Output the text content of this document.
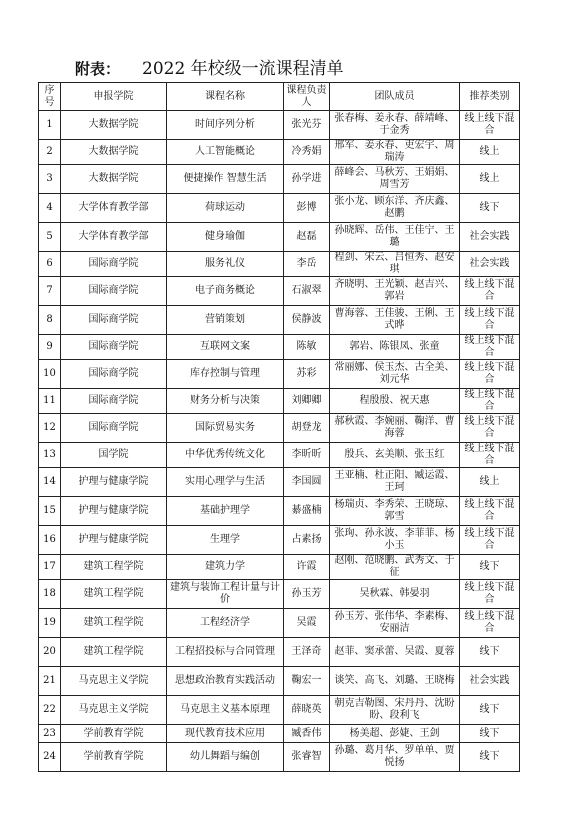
附表： 2022 年校级一流课程清单
序号	申报学院	课程名称	课程负责人	团队成员	推荐类别
1	大数据学院	时间序列分析	张光芬	张春梅、姜永春、薛靖峰、于金秀	线上线下混合
2	大数据学院	人工智能概论	冷秀娟	邢军、姜永春、吏宏宇、周瑞涛	线上
3	大数据学院	便捷操作 智慧生活	孙学进	薛峰会、马秋芳、王娟娟、周雪芳	线上
4	大学体育教学部	荷球运动	彭博	张小龙、顾东洋、齐庆鑫、赵鹏	线下
5	大学体育教学部	健身瑜伽	赵磊	孙晓辉、岳伟、王佳宁、王璐	社会实践
6	国际商学院	服务礼仪	李岳	程剑、宋云、吕恒秀、赵安琪	社会实践
7	国际商学院	电子商务概论	石淑翠	齐晓明、王光颖、赵吉兴、郭岩	线上线下混合
8	国际商学院	营销策划	侯静波	曹海蓉、王佳骏、王俐、王式晔	线上线下混合
9	国际商学院	互联网文案	陈敏	郭岩、陈银凤、张童	线上线下混合
10	国际商学院	库存控制与管理	苏彩	常丽娜、侯玉杰、古全美、刘元华	线上线下混合
11	国际商学院	财务分析与决策	刘卿卿	程殷殷、祝天惠	线上线下混合
12	国际商学院	国际贸易实务	胡登龙	郝秋霞、李婉丽、鞠洋、曹海蓉	线上线下混合
13	国学院	中华优秀传统文化	李昕昕	殷兵、玄美顺、张玉红	线上线下混合
14	护理与健康学院	实用心理学与生活	李国圆	王亚楠、杜正阳、臧运霞、王珂	线上
15	护理与健康学院	基础护理学	綦盛楠	杨瑞贞、李秀荣、王晓琼、郭雪	线上线下混合
16	护理与健康学院	生理学	占素扬	张珣、孙永波、李菲菲、杨小玉	线上线下混合
17	建筑工程学院	建筑力学	许霞	赵刚、范晓鹏、武秀文、于征	线下
18	建筑工程学院	建筑与装饰工程计量与计价	孙玉芳	吴秋霖、韩晏羽	线上线下混合
19	建筑工程学院	工程经济学	吴霞	孙玉芳、张伟华、李素梅、安丽洁	线上线下混合
20	建筑工程学院	工程招投标与合同管理	王泽奇	赵菲、窦承蕾、吴霞、夏蓉	线下
21	马克思主义学院	思想政治教育实践活动	鞠宏一	谈笑、高飞、刘璐、王晓梅	社会实践
22	马克思主义学院	马克思主义基本原理	薛晓英	朝克吉勒图、宋丹丹、沈盼盼、段利飞	线下
23	学前教育学院	现代教育技术应用	臧香伟	杨美超、彭婕、王剑	线下
24	学前教育学院	幼儿舞蹈与编创	张睿智	孙璐、葛月华、罗单单、贾悦扬	线下
